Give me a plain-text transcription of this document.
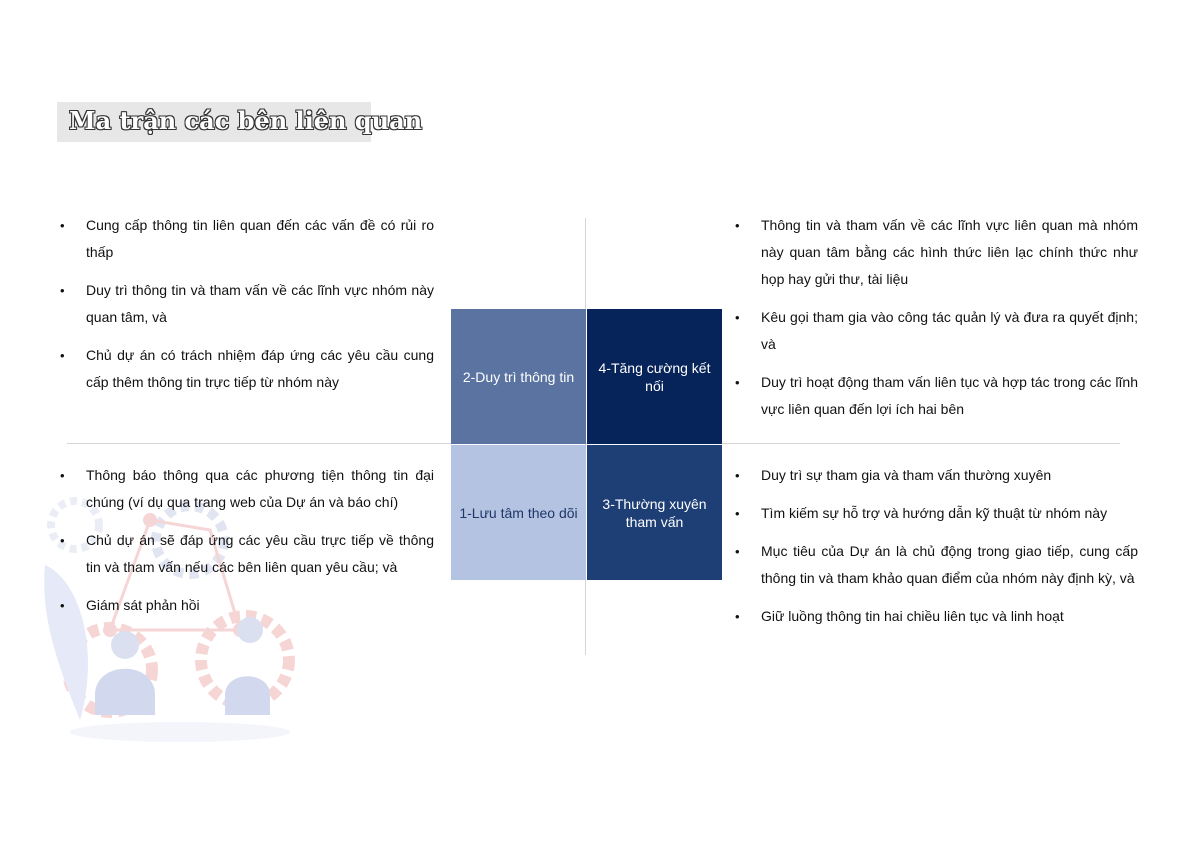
Ma trận các bên liên quan
2-Duy trì thông tin
4-Tăng cường kết nối
1-Lưu tâm theo dõi
3-Thường xuyên tham vấn
• Cung cấp thông tin liên quan đến các vấn đề có rủi ro thấp
• Duy trì thông tin và tham vấn về các lĩnh vực nhóm này quan tâm, và
• Chủ dự án có trách nhiệm đáp ứng các yêu cầu cung cấp thêm thông tin trực tiếp từ nhóm này
• Thông báo thông qua các phương tiện thông tin đại chúng (ví dụ qua trang web của Dự án và báo chí)
• Chủ dự án sẽ đáp ứng các yêu cầu trực tiếp về thông tin và tham vấn nếu các bên liên quan yêu cầu; và
• Giám sát phản hồi
• Thông tin và tham vấn về các lĩnh vực liên quan mà nhóm này quan tâm bằng các hình thức liên lạc chính thức như họp hay gửi thư, tài liệu
• Kêu gọi tham gia vào công tác quản lý và đưa ra quyết định; và
• Duy trì hoạt động tham vấn liên tục và hợp tác trong các lĩnh vực liên quan đến lợi ích hai bên
• Duy trì sự tham gia và tham vấn thường xuyên
• Tìm kiếm sự hỗ trợ và hướng dẫn kỹ thuật từ nhóm này
• Mục tiêu của Dự án là chủ động trong giao tiếp, cung cấp thông tin và tham khảo quan điểm của nhóm này định kỳ, và
• Giữ luồng thông tin hai chiều liên tục và linh hoạt
